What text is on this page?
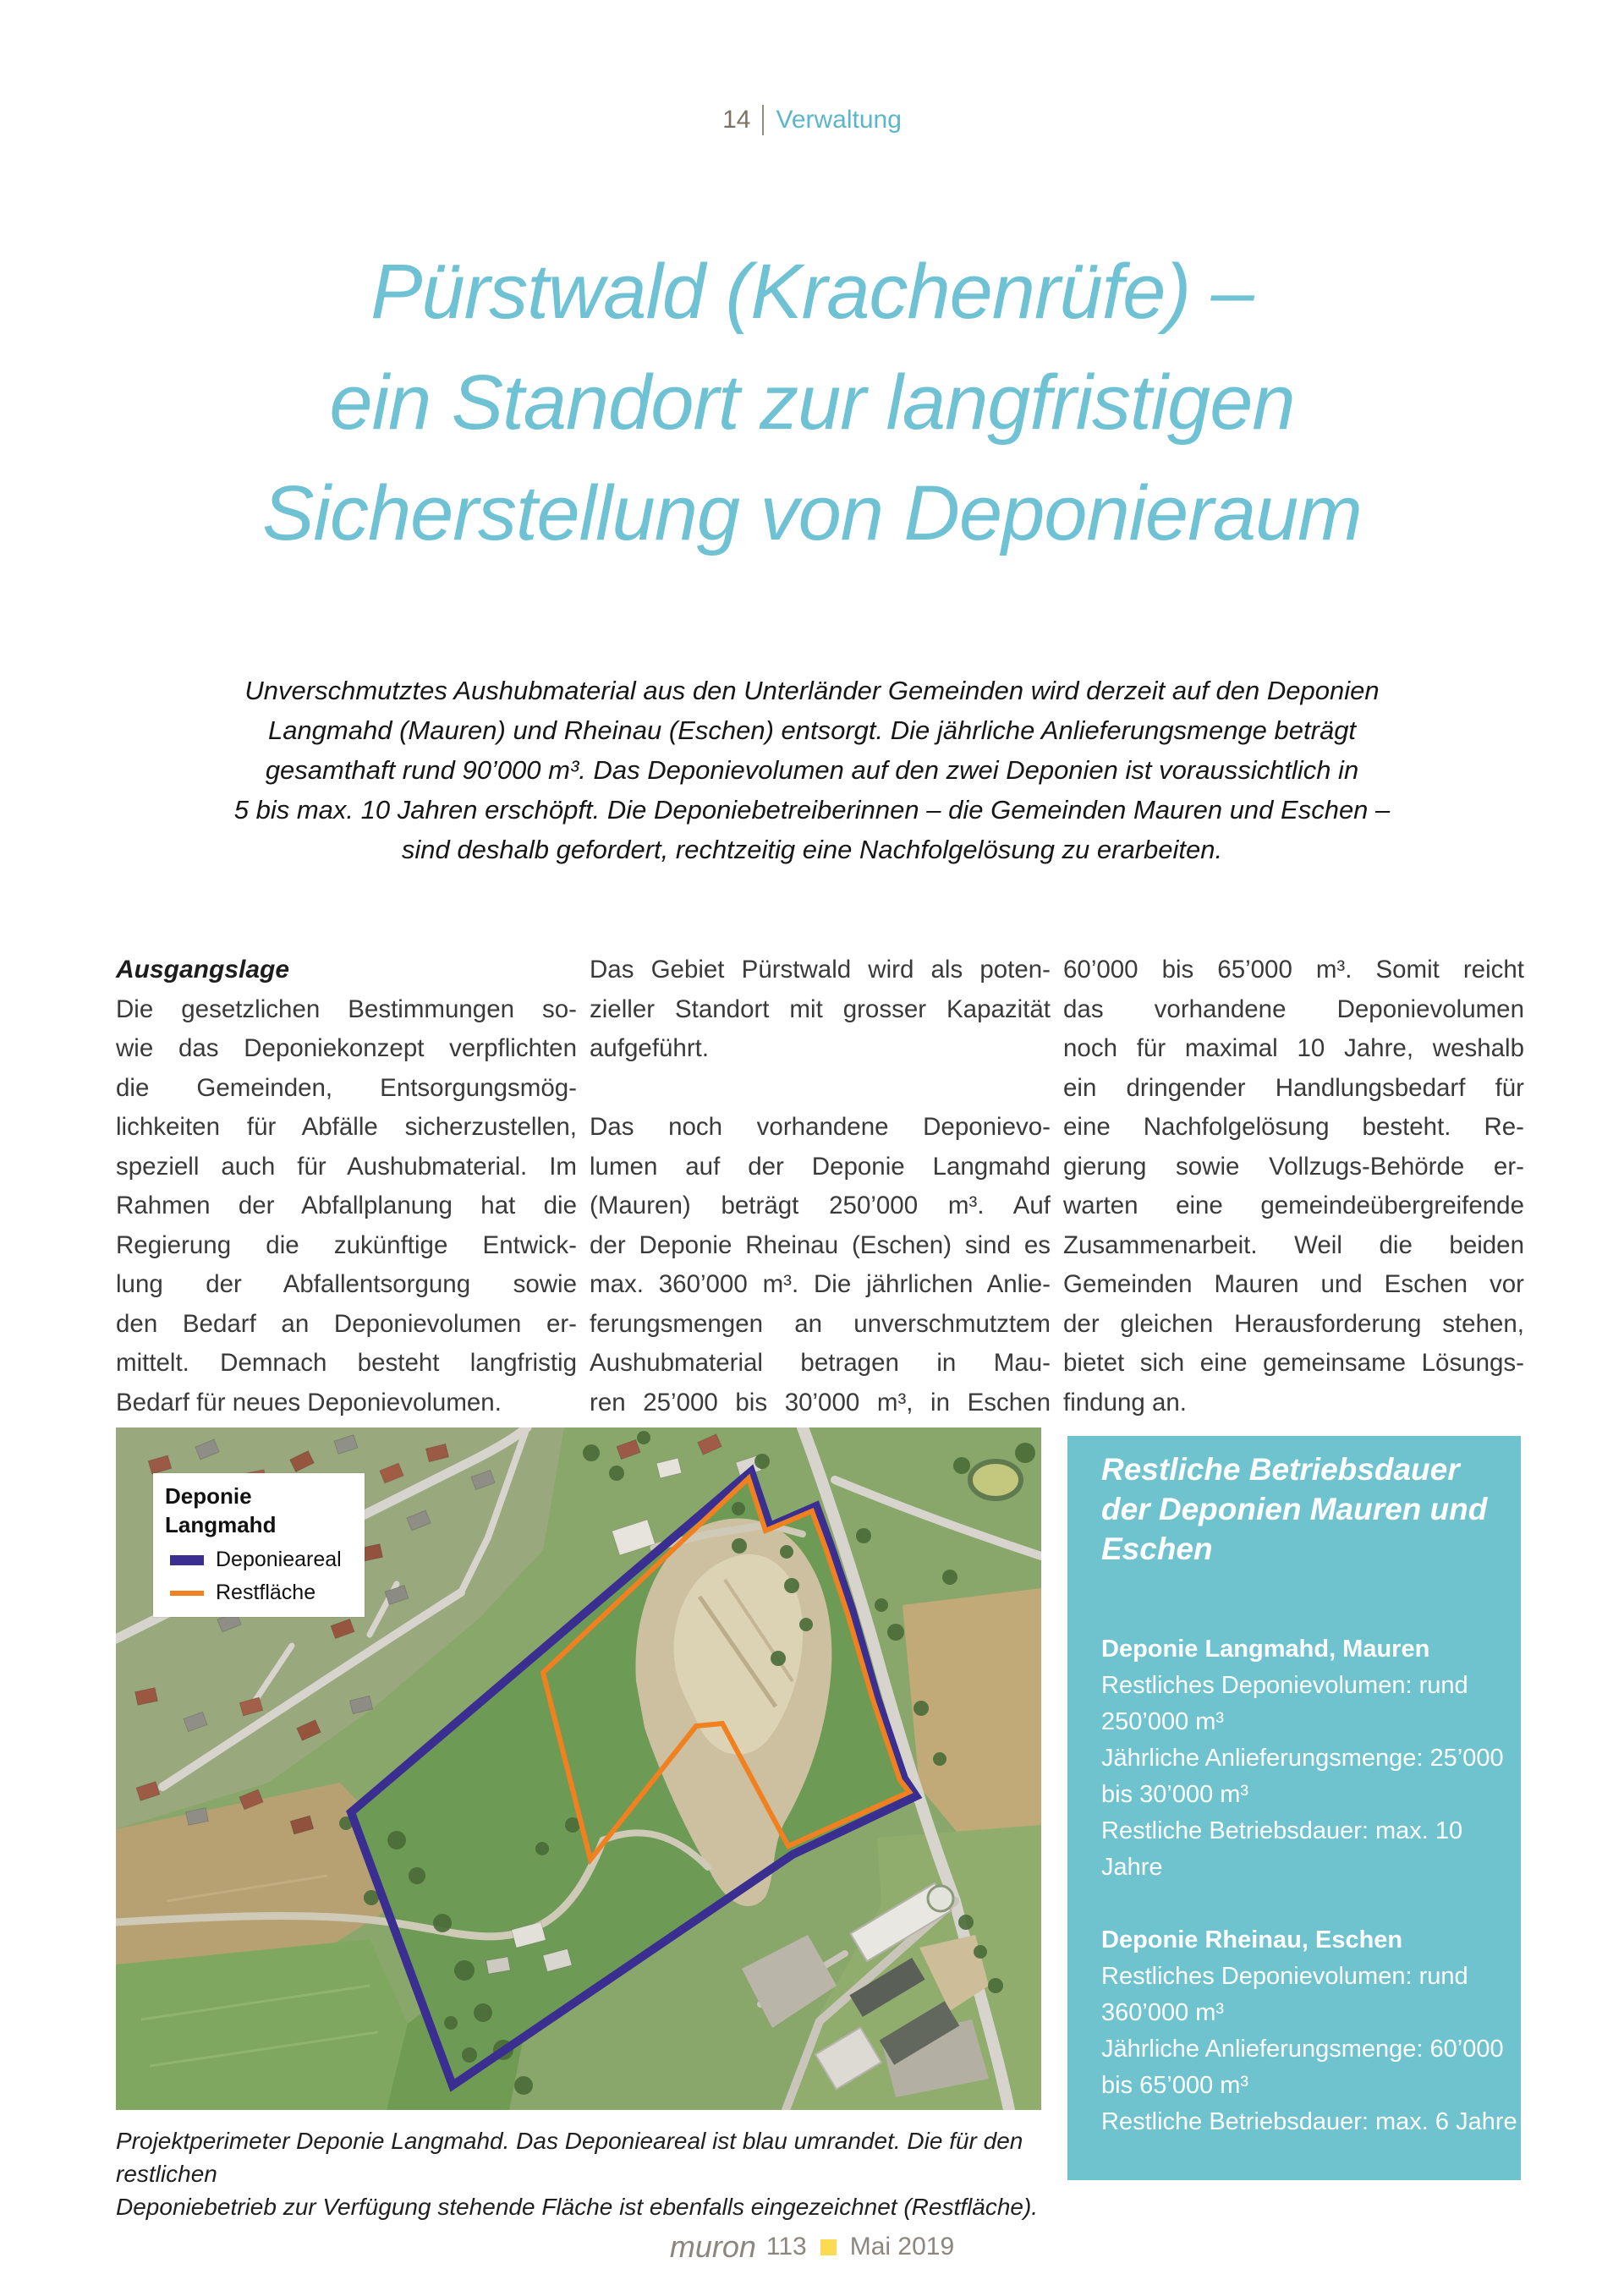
14 Verwaltung
Pürstwald (Krachenrüfe) –
ein Standort zur langfristigen
Sicherstellung von Deponieraum
Unverschmutztes Aushubmaterial aus den Unterländer Gemeinden wird derzeit auf den Deponien
Langmahd (Mauren) und Rheinau (Eschen) entsorgt. Die jährliche Anlieferungsmenge beträgt
gesamthaft rund 90’000 m³. Das Deponievolumen auf den zwei Deponien ist voraussichtlich in
5 bis max. 10 Jahren erschöpft. Die Deponiebetreiberinnen – die Gemeinden Mauren und Eschen –
sind deshalb gefordert, rechtzeitig eine Nachfolgelösung zu erarbeiten.
Ausgangslage
Die gesetzlichen Bestimmungen so-
wie das Deponiekonzept verpflichten
die Gemeinden, Entsorgungsmög-
lichkeiten für Abfälle sicherzustellen,
speziell auch für Aushubmaterial. Im
Rahmen der Abfallplanung hat die
Regierung die zukünftige Entwick-
lung der Abfallentsorgung sowie
den Bedarf an Deponievolumen er-
mittelt. Demnach besteht langfristig
Bedarf für neues Deponievolumen.
Das Gebiet Pürstwald wird als poten-
zieller Standort mit grosser Kapazität
aufgeführt.
Das noch vorhandene Deponievo-
lumen auf der Deponie Langmahd
(Mauren) beträgt 250’000 m³. Auf
der Deponie Rheinau (Eschen) sind es
max. 360’000 m³. Die jährlichen Anlie-
ferungsmengen an unverschmutztem
Aushubmaterial betragen in Mau-
ren 25’000 bis 30’000 m³, in Eschen
60’000 bis 65’000 m³. Somit reicht
das vorhandene Deponievolumen
noch für maximal 10 Jahre, weshalb
ein dringender Handlungsbedarf für
eine Nachfolgelösung besteht. Re-
gierung sowie Vollzugs-Behörde er-
warten eine gemeindeübergreifende
Zusammenarbeit. Weil die beiden
Gemeinden Mauren und Eschen vor
der gleichen Herausforderung stehen,
bietet sich eine gemeinsame Lösungs-
findung an.
Deponie Langmahd
Deponieareal
Restfläche
Projektperimeter Deponie Langmahd. Das Deponieareal ist blau umrandet. Die für den restlichen
Deponiebetrieb zur Verfügung stehende Fläche ist ebenfalls eingezeichnet (Restfläche).
Restliche Betriebsdauer der Deponien Mauren und Eschen
Deponie Langmahd, Mauren
Restliches Deponievolumen: rund
250’000 m³
Jährliche Anlieferungsmenge: 25’000
bis 30’000 m³
Restliche Betriebsdauer: max. 10
Jahre
Deponie Rheinau, Eschen
Restliches Deponievolumen: rund
360’000 m³
Jährliche Anlieferungsmenge: 60’000
bis 65’000 m³
Restliche Betriebsdauer: max. 6 Jahre
muron 113 Mai 2019
